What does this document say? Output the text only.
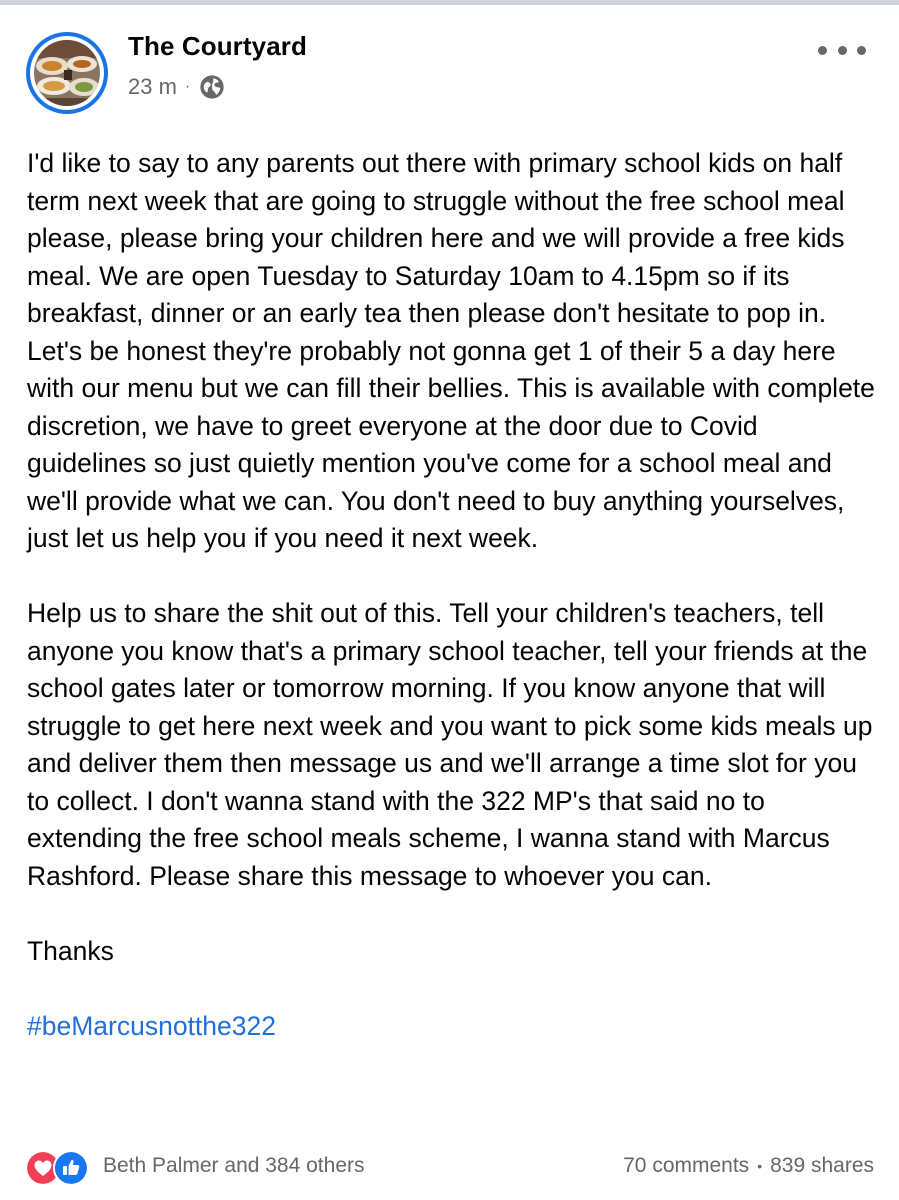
The Courtyard
23 m ·

I'd like to say to any parents out there with primary school kids on half term next week that are going to struggle without the free school meal please, please bring your children here and we will provide a free kids meal. We are open Tuesday to Saturday 10am to 4.15pm so if its breakfast, dinner or an early tea then please don't hesitate to pop in. Let's be honest they're probably not gonna get 1 of their 5 a day here with our menu but we can fill their bellies. This is available with complete discretion, we have to greet everyone at the door due to Covid guidelines so just quietly mention you've come for a school meal and we'll provide what we can. You don't need to buy anything yourselves, just let us help you if you need it next week.

Help us to share the shit out of this. Tell your children's teachers, tell anyone you know that's a primary school teacher, tell your friends at the school gates later or tomorrow morning. If you know anyone that will struggle to get here next week and you want to pick some kids meals up and deliver them then message us and we'll arrange a time slot for you to collect. I don't wanna stand with the 322 MP's that said no to extending the free school meals scheme, I wanna stand with Marcus Rashford. Please share this message to whoever you can.

Thanks

#beMarcusnotthe322

Beth Palmer and 384 others	70 comments • 839 shares
